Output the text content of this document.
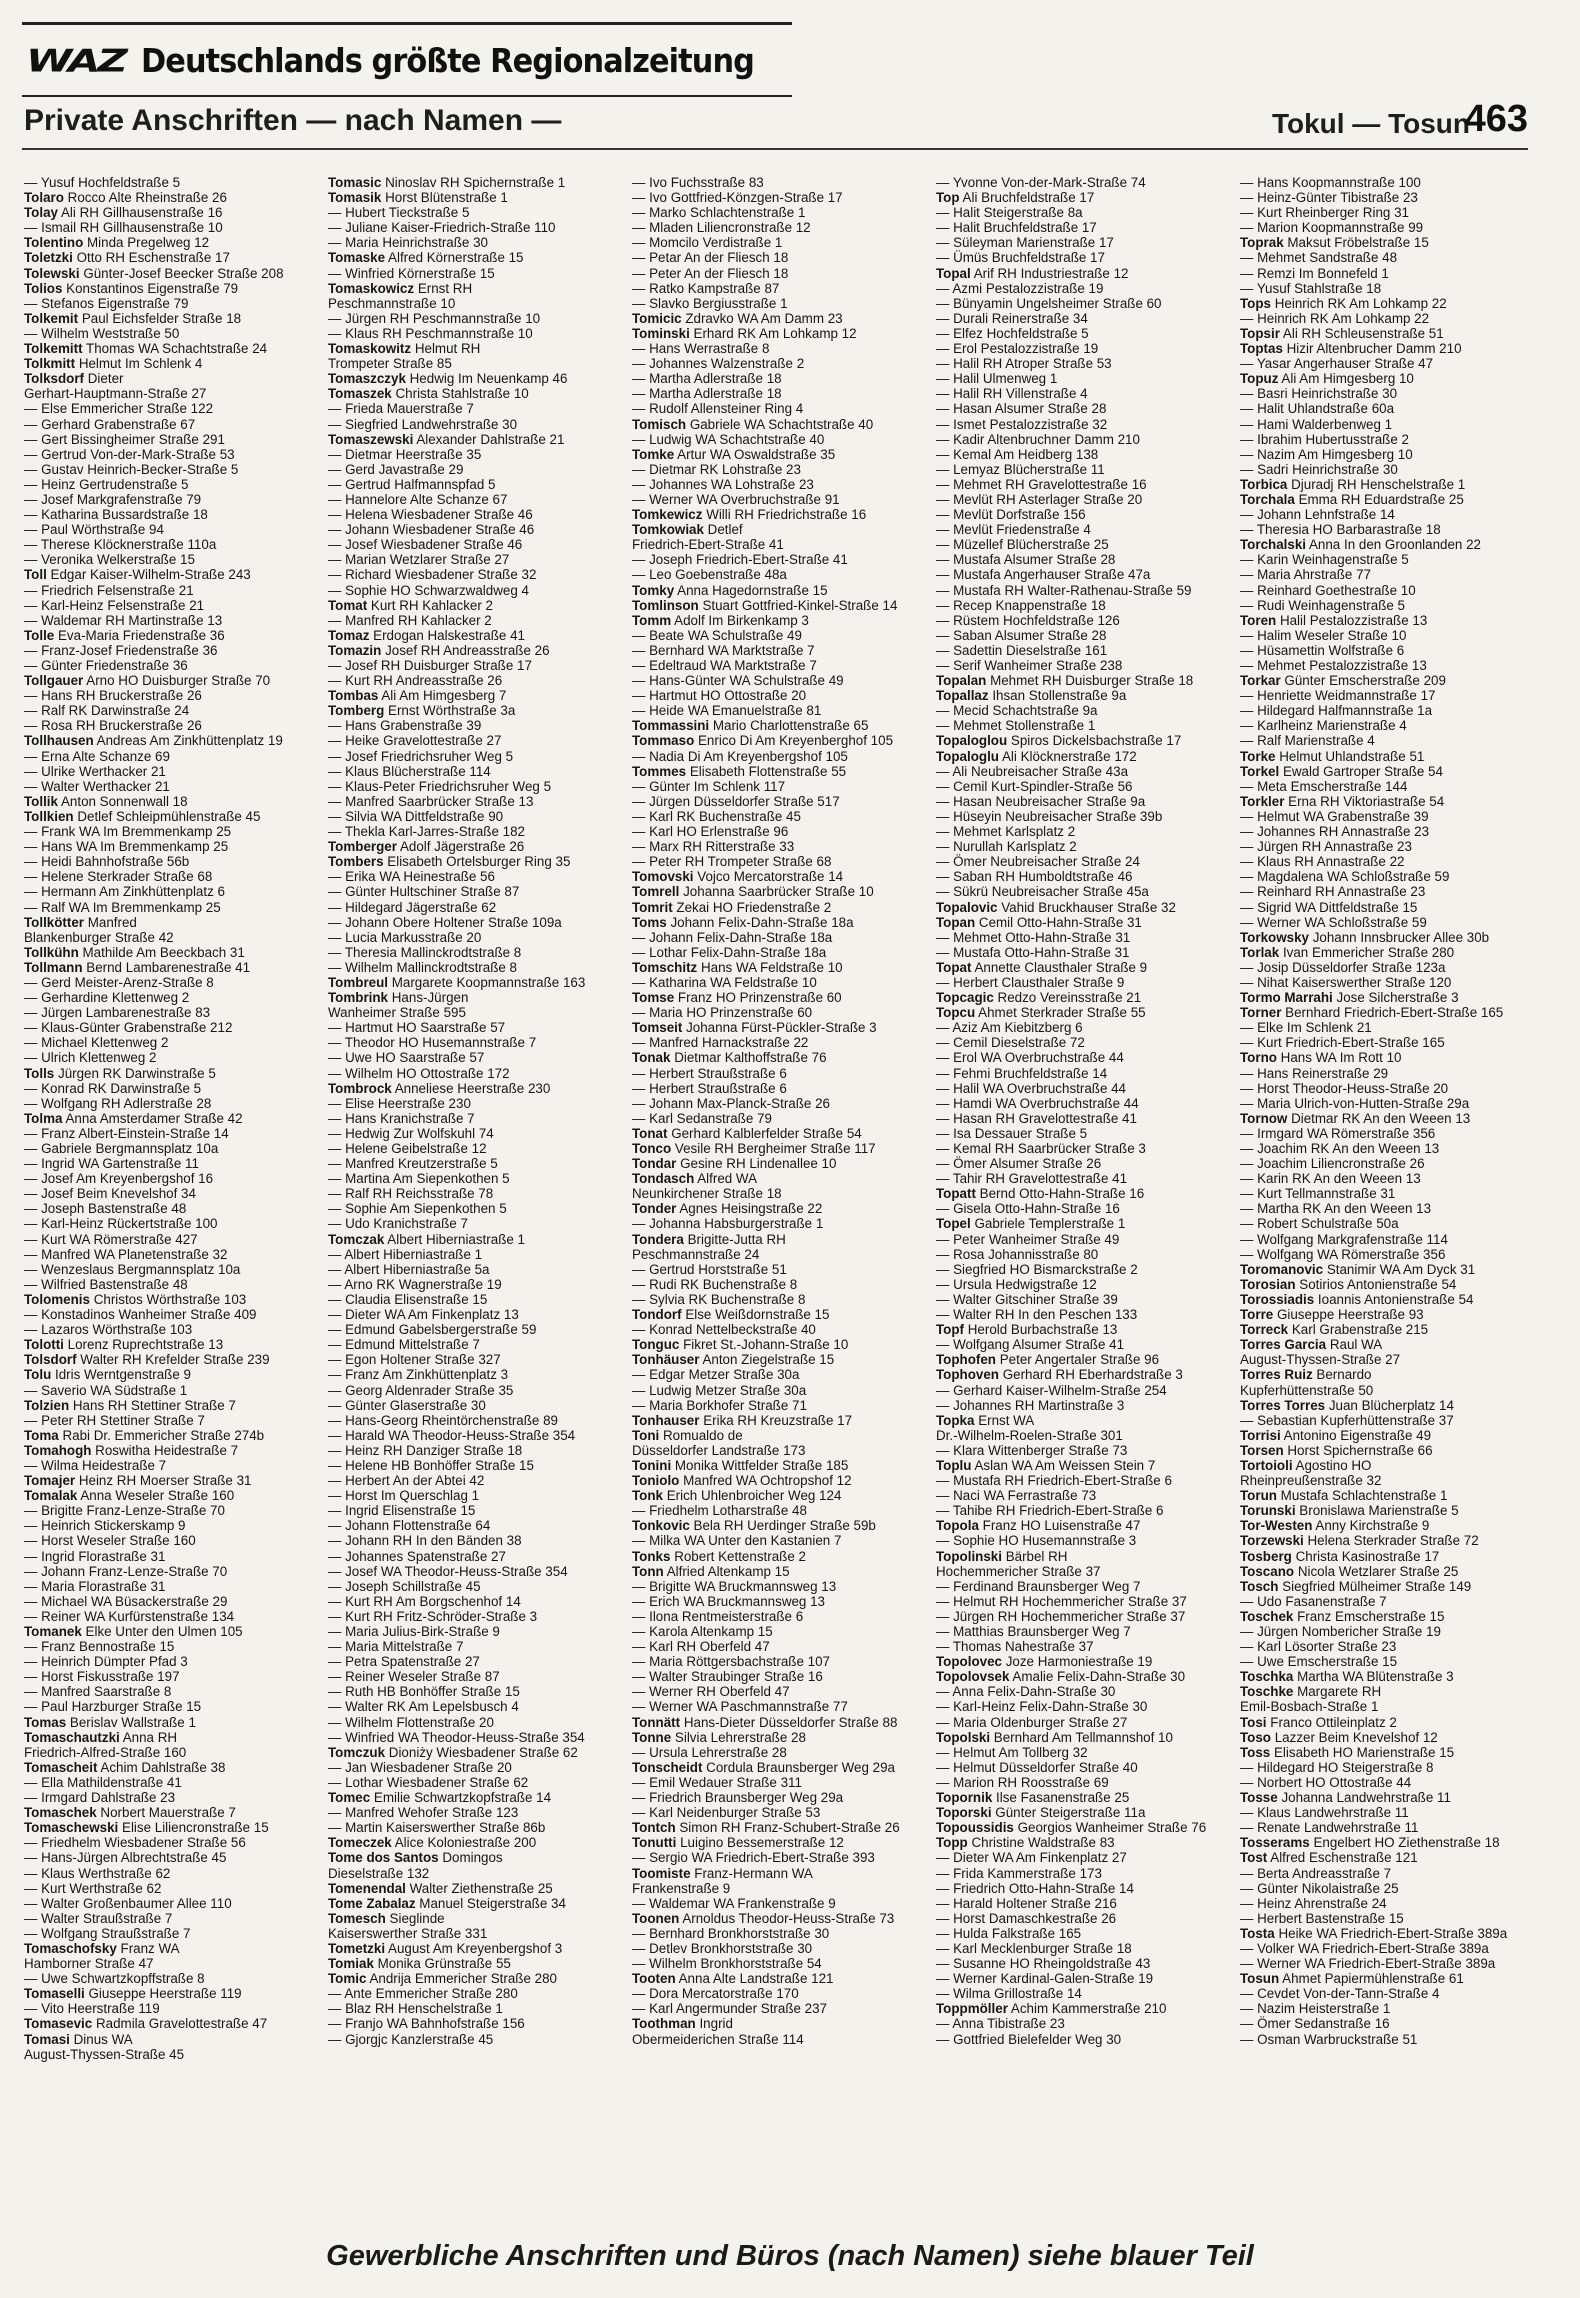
WAZ Deutschlands größte Regionalzeitung
Private Anschriften — nach Namen —	Tokul — Tosun
463
— Yusuf Hochfeldstraße 5
Tolaro Rocco Alte Rheinstraße 26
Tolay Ali RH Gillhausenstraße 16
— Ismail RH Gillhausenstraße 10
Tolentino Minda Pregelweg 12
Toletzki Otto RH Eschenstraße 17
Tolewski Günter-Josef Beecker Straße 208
Tolios Konstantinos Eigenstraße 79
— Stefanos Eigenstraße 79
Tolkemit Paul Eichsfelder Straße 18
— Wilhelm Weststraße 50
Tolkemitt Thomas WA Schachtstraße 24
Tolkmitt Helmut Im Schlenk 4
Tolksdorf Dieter
Gerhart-Hauptmann-Straße 27
— Else Emmericher Straße 122
— Gerhard Grabenstraße 67
— Gert Bissingheimer Straße 291
— Gertrud Von-der-Mark-Straße 53
— Gustav Heinrich-Becker-Straße 5
— Heinz Gertrudenstraße 5
— Josef Markgrafenstraße 79
— Katharina Bussardstraße 18
— Paul Wörthstraße 94
— Therese Klöcknerstraße 110a
— Veronika Welkerstraße 15
Toll Edgar Kaiser-Wilhelm-Straße 243
— Friedrich Felsenstraße 21
— Karl-Heinz Felsenstraße 21
— Waldemar RH Martinstraße 13
Tolle Eva-Maria Friedenstraße 36
— Franz-Josef Friedenstraße 36
— Günter Friedenstraße 36
Tollgauer Arno HO Duisburger Straße 70
— Hans RH Bruckerstraße 26
— Ralf RK Darwinstraße 24
— Rosa RH Bruckerstraße 26
Tollhausen Andreas Am Zinkhüttenplatz 19
— Erna Alte Schanze 69
— Ulrike Werthacker 21
— Walter Werthacker 21
Tollik Anton Sonnenwall 18
Tollkien Detlef Schleipmühlenstraße 45
— Frank WA Im Bremmenkamp 25
— Hans WA Im Bremmenkamp 25
— Heidi Bahnhofstraße 56b
— Helene Sterkrader Straße 68
— Hermann Am Zinkhüttenplatz 6
— Ralf WA Im Bremmenkamp 25
Tollkötter Manfred
Blankenburger Straße 42
Tollkühn Mathilde Am Beeckbach 31
Tollmann Bernd Lambarenestraße 41
— Gerd Meister-Arenz-Straße 8
— Gerhardine Klettenweg 2
— Jürgen Lambarenestraße 83
— Klaus-Günter Grabenstraße 212
— Michael Klettenweg 2
— Ulrich Klettenweg 2
Tolls Jürgen RK Darwinstraße 5
— Konrad RK Darwinstraße 5
— Wolfgang RH Adlerstraße 28
Tolma Anna Amsterdamer Straße 42
— Franz Albert-Einstein-Straße 14
— Gabriele Bergmannsplatz 10a
— Ingrid WA Gartenstraße 11
— Josef Am Kreyenbergshof 16
— Josef Beim Knevelshof 34
— Joseph Bastenstraße 48
— Karl-Heinz Rückertstraße 100
— Kurt WA Römerstraße 427
— Manfred WA Planetenstraße 32
— Wenzeslaus Bergmannsplatz 10a
— Wilfried Bastenstraße 48
Tolomenis Christos Wörthstraße 103
— Konstadinos Wanheimer Straße 409
— Lazaros Wörthstraße 103
Tolotti Lorenz Ruprechtstraße 13
Tolsdorf Walter RH Krefelder Straße 239
Tolu Idris Werntgenstraße 9
— Saverio WA Südstraße 1
Tolzien Hans RH Stettiner Straße 7
— Peter RH Stettiner Straße 7
Toma Rabi Dr. Emmericher Straße 274b
Tomahogh Roswitha Heidestraße 7
— Wilma Heidestraße 7
Tomajer Heinz RH Moerser Straße 31
Tomalak Anna Weseler Straße 160
— Brigitte Franz-Lenze-Straße 70
— Heinrich Stickerskamp 9
— Horst Weseler Straße 160
— Ingrid Florastraße 31
— Johann Franz-Lenze-Straße 70
— Maria Florastraße 31
— Michael WA Büsackerstraße 29
— Reiner WA Kurfürstenstraße 134
Tomanek Elke Unter den Ulmen 105
— Franz Bennostraße 15
— Heinrich Dümpter Pfad 3
— Horst Fiskusstraße 197
— Manfred Saarstraße 8
— Paul Harzburger Straße 15
Tomas Berislav Wallstraße 1
Tomaschautzki Anna RH
Friedrich-Alfred-Straße 160
Tomascheit Achim Dahlstraße 38
— Ella Mathildenstraße 41
— Irmgard Dahlstraße 23
Tomaschek Norbert Mauerstraße 7
Tomaschewski Elise Liliencronstraße 15
— Friedhelm Wiesbadener Straße 56
— Hans-Jürgen Albrechtstraße 45
— Klaus Werthstraße 62
— Kurt Werthstraße 62
— Walter Großenbaumer Allee 110
— Walter Straußstraße 7
— Wolfgang Straußstraße 7
Tomaschofsky Franz WA
Hamborner Straße 47
— Uwe Schwartzkopffstraße 8
Tomaselli Giuseppe Heerstraße 119
— Vito Heerstraße 119
Tomasevic Radmila Gravelottestraße 47
Tomasi Dinus WA
August-Thyssen-Straße 45
Tomasic Ninoslav RH Spichernstraße 1
Tomasik Horst Blütenstraße 1
— Hubert Tieckstraße 5
— Juliane Kaiser-Friedrich-Straße 110
— Maria Heinrichstraße 30
Tomaske Alfred Körnerstraße 15
— Winfried Körnerstraße 15
Tomaskowicz Ernst RH
Peschmannstraße 10
— Jürgen RH Peschmannstraße 10
— Klaus RH Peschmannstraße 10
Tomaskowitz Helmut RH
Trompeter Straße 85
Tomaszczyk Hedwig Im Neuenkamp 46
Tomaszek Christa Stahlstraße 10
— Frieda Mauerstraße 7
— Siegfried Landwehrstraße 30
Tomaszewski Alexander Dahlstraße 21
— Dietmar Heerstraße 35
— Gerd Javastraße 29
— Gertrud Halfmannspfad 5
— Hannelore Alte Schanze 67
— Helena Wiesbadener Straße 46
— Johann Wiesbadener Straße 46
— Josef Wiesbadener Straße 46
— Marian Wetzlarer Straße 27
— Richard Wiesbadener Straße 32
— Sophie HO Schwarzwaldweg 4
Tomat Kurt RH Kahlacker 2
— Manfred RH Kahlacker 2
Tomaz Erdogan Halskestraße 41
Tomazin Josef RH Andreasstraße 26
— Josef RH Duisburger Straße 17
— Kurt RH Andreasstraße 26
Tombas Ali Am Himgesberg 7
Tomberg Ernst Wörthstraße 3a
— Hans Grabenstraße 39
— Heike Gravelottestraße 27
— Josef Friedrichsruher Weg 5
— Klaus Blücherstraße 114
— Klaus-Peter Friedrichsruher Weg 5
— Manfred Saarbrücker Straße 13
— Silvia WA Dittfeldstraße 90
— Thekla Karl-Jarres-Straße 182
Tomberger Adolf Jägerstraße 26
Tombers Elisabeth Ortelsburger Ring 35
— Erika WA Heinestraße 56
— Günter Hultschiner Straße 87
— Hildegard Jägerstraße 62
— Johann Obere Holtener Straße 109a
— Lucia Markusstraße 20
— Theresia Mallinckrodtstraße 8
— Wilhelm Mallinckrodtstraße 8
Tombreul Margarete Koopmannstraße 163
Tombrink Hans-Jürgen
Wanheimer Straße 595
— Hartmut HO Saarstraße 57
— Theodor HO Husemannstraße 7
— Uwe HO Saarstraße 57
— Wilhelm HO Ottostraße 172
Tombrock Anneliese Heerstraße 230
— Elise Heerstraße 230
— Hans Kranichstraße 7
— Hedwig Zur Wolfskuhl 74
— Helene Geibelstraße 12
— Manfred Kreutzerstraße 5
— Martina Am Siepenkothen 5
— Ralf RH Reichsstraße 78
— Sophie Am Siepenkothen 5
— Udo Kranichstraße 7
Tomczak Albert Hiberniastraße 1
— Albert Hiberniastraße 1
— Albert Hiberniastraße 5a
— Arno RK Wagnerstraße 19
— Claudia Elisenstraße 15
— Dieter WA Am Finkenplatz 13
— Edmund Gabelsbergerstraße 59
— Edmund Mittelstraße 7
— Egon Holtener Straße 327
— Franz Am Zinkhüttenplatz 3
— Georg Aldenrader Straße 35
— Günter Glaserstraße 30
— Hans-Georg Rheintörchenstraße 89
— Harald WA Theodor-Heuss-Straße 354
— Heinz RH Danziger Straße 18
— Helene HB Bonhöffer Straße 15
— Herbert An der Abtei 42
— Horst Im Querschlag 1
— Ingrid Elisenstraße 15
— Johann Flottenstraße 64
— Johann RH In den Bänden 38
— Johannes Spatenstraße 27
— Josef WA Theodor-Heuss-Straße 354
— Joseph Schillstraße 45
— Kurt RH Am Borgschenhof 14
— Kurt RH Fritz-Schröder-Straße 3
— Maria Julius-Birk-Straße 9
— Maria Mittelstraße 7
— Petra Spatenstraße 27
— Reiner Weseler Straße 87
— Ruth HB Bonhöffer Straße 15
— Walter RK Am Lepelsbusch 4
— Wilhelm Flottenstraße 20
— Winfried WA Theodor-Heuss-Straße 354
Tomczuk Dioniży Wiesbadener Straße 62
— Jan Wiesbadener Straße 20
— Lothar Wiesbadener Straße 62
Tomec Emilie Schwartzkopfstraße 14
— Manfred Wehofer Straße 123
— Martin Kaiserswerther Straße 86b
Tomeczek Alice Koloniestraße 200
Tome dos Santos Domingos
Dieselstraße 132
Tomenendal Walter Ziethenstraße 25
Tome Zabalaz Manuel Steigerstraße 34
Tomesch Sieglinde
Kaiserswerther Straße 331
Tometzki August Am Kreyenbergshof 3
Tomiak Monika Grünstraße 55
Tomic Andrija Emmericher Straße 280
— Ante Emmericher Straße 280
— Blaz RH Henschelstraße 1
— Franjo WA Bahnhofstraße 156
— Gjorgjc Kanzlerstraße 45
— Ivo Fuchsstraße 83
— Ivo Gottfried-Könzgen-Straße 17
— Marko Schlachtenstraße 1
— Mladen Liliencronstraße 12
— Momcilo Verdistraße 1
— Petar An der Fliesch 18
— Peter An der Fliesch 18
— Ratko Kampstraße 87
— Slavko Bergiusstraße 1
Tomicic Zdravko WA Am Damm 23
Tominski Erhard RK Am Lohkamp 12
— Hans Werrastraße 8
— Johannes Walzenstraße 2
— Martha Adlerstraße 18
— Martha Adlerstraße 18
— Rudolf Allensteiner Ring 4
Tomisch Gabriele WA Schachtstraße 40
— Ludwig WA Schachtstraße 40
Tomke Artur WA Oswaldstraße 35
— Dietmar RK Lohstraße 23
— Johannes WA Lohstraße 23
— Werner WA Overbruchstraße 91
Tomkewicz Willi RH Friedrichstraße 16
Tomkowiak Detlef
Friedrich-Ebert-Straße 41
— Joseph Friedrich-Ebert-Straße 41
— Leo Goebenstraße 48a
Tomky Anna Hagedornstraße 15
Tomlinson Stuart Gottfried-Kinkel-Straße 14
Tomm Adolf Im Birkenkamp 3
— Beate WA Schulstraße 49
— Bernhard WA Marktstraße 7
— Edeltraud WA Marktstraße 7
— Hans-Günter WA Schulstraße 49
— Hartmut HO Ottostraße 20
— Heide WA Emanuelstraße 81
Tommassini Mario Charlottenstraße 65
Tommaso Enrico Di Am Kreyenberghof 105
— Nadia Di Am Kreyenbergshof 105
Tommes Elisabeth Flottenstraße 55
— Günter Im Schlenk 117
— Jürgen Düsseldorfer Straße 517
— Karl RK Buchenstraße 45
— Karl HO Erlenstraße 96
— Marx RH Ritterstraße 33
— Peter RH Trompeter Straße 68
Tomovski Vojco Mercatorstraße 14
Tomrell Johanna Saarbrücker Straße 10
Tomrit Zekai HO Friedenstraße 2
Toms Johann Felix-Dahn-Straße 18a
— Johann Felix-Dahn-Straße 18a
— Lothar Felix-Dahn-Straße 18a
Tomschitz Hans WA Feldstraße 10
— Katharina WA Feldstraße 10
Tomse Franz HO Prinzenstraße 60
— Maria HO Prinzenstraße 60
Tomseit Johanna Fürst-Pückler-Straße 3
— Manfred Harnackstraße 22
Tonak Dietmar Kalthoffstraße 76
— Herbert Straußstraße 6
— Herbert Straußstraße 6
— Johann Max-Planck-Straße 26
— Karl Sedanstraße 79
Tonat Gerhard Kalblerfelder Straße 54
Tonco Vesile RH Bergheimer Straße 117
Tondar Gesine RH Lindenallee 10
Tondasch Alfred WA
Neunkirchener Straße 18
Tonder Agnes Heisingstraße 22
— Johanna Habsburgerstraße 1
Tondera Brigitte-Jutta RH
Peschmannstraße 24
— Gertrud Horststraße 51
— Rudi RK Buchenstraße 8
— Sylvia RK Buchenstraße 8
Tondorf Else Weißdornstraße 15
— Konrad Nettelbeckstraße 40
Tonguc Fikret St.-Johann-Straße 10
Tonhäuser Anton Ziegelstraße 15
— Edgar Metzer Straße 30a
— Ludwig Metzer Straße 30a
— Maria Borkhofer Straße 71
Tonhauser Erika RH Kreuzstraße 17
Toni Romualdo de
Düsseldorfer Landstraße 173
Tonini Monika Wittfelder Straße 185
Toniolo Manfred WA Ochtropshof 12
Tonk Erich Uhlenbroicher Weg 124
— Friedhelm Lotharstraße 48
Tonkovic Bela RH Uerdinger Straße 59b
— Milka WA Unter den Kastanien 7
Tonks Robert Kettenstraße 2
Tonn Alfried Altenkamp 15
— Brigitte WA Bruckmannsweg 13
— Erich WA Bruckmannsweg 13
— Ilona Rentmeisterstraße 6
— Karola Altenkamp 15
— Karl RH Oberfeld 47
— Maria Röttgersbachstraße 107
— Walter Straubinger Straße 16
— Werner RH Oberfeld 47
— Werner WA Paschmannstraße 77
Tonnätt Hans-Dieter Düsseldorfer Straße 88
Tonne Silvia Lehrerstraße 28
— Ursula Lehrerstraße 28
Tonscheidt Cordula Braunsberger Weg 29a
— Emil Wedauer Straße 311
— Friedrich Braunsberger Weg 29a
— Karl Neidenburger Straße 53
Tontch Simon RH Franz-Schubert-Straße 26
Tonutti Luigino Bessemerstraße 12
— Sergio WA Friedrich-Ebert-Straße 393
Toomiste Franz-Hermann WA
Frankenstraße 9
— Waldemar WA Frankenstraße 9
Toonen Arnoldus Theodor-Heuss-Straße 73
— Bernhard Bronkhorststraße 30
— Detlev Bronkhorststraße 30
— Wilhelm Bronkhorststraße 54
Tooten Anna Alte Landstraße 121
— Dora Mercatorstraße 170
— Karl Angermunder Straße 237
Toothman Ingrid
Obermeiderichen Straße 114
— Yvonne Von-der-Mark-Straße 74
Top Ali Bruchfeldstraße 17
— Halit Steigerstraße 8a
— Halit Bruchfeldstraße 17
— Süleyman Marienstraße 17
— Ümüs Bruchfeldstraße 17
Topal Arif RH Industriestraße 12
— Azmi Pestalozzistraße 19
— Bünyamin Ungelsheimer Straße 60
— Durali Reinerstraße 34
— Elfez Hochfeldstraße 5
— Erol Pestalozzistraße 19
— Halil RH Atroper Straße 53
— Halil Ulmenweg 1
— Halil RH Villenstraße 4
— Hasan Alsumer Straße 28
— Ismet Pestalozzistraße 32
— Kadir Altenbruchner Damm 210
— Kemal Am Heidberg 138
— Lemyaz Blücherstraße 11
— Mehmet RH Gravelottestraße 16
— Mevlüt RH Asterlager Straße 20
— Mevlüt Dorfstraße 156
— Mevlüt Friedenstraße 4
— Müzellef Blücherstraße 25
— Mustafa Alsumer Straße 28
— Mustafa Angerhauser Straße 47a
— Mustafa RH Walter-Rathenau-Straße 59
— Recep Knappenstraße 18
— Rüstem Hochfeldstraße 126
— Saban Alsumer Straße 28
— Sadettin Dieselstraße 161
— Serif Wanheimer Straße 238
Topalan Mehmet RH Duisburger Straße 18
Topallaz Ihsan Stollenstraße 9a
— Mecid Schachtstraße 9a
— Mehmet Stollenstraße 1
Topaloglou Spiros Dickelsbachstraße 17
Topaloglu Ali Klöcknerstraße 172
— Ali Neubreisacher Straße 43a
— Cemil Kurt-Spindler-Straße 56
— Hasan Neubreisacher Straße 9a
— Hüseyin Neubreisacher Straße 39b
— Mehmet Karlsplatz 2
— Nurullah Karlsplatz 2
— Ömer Neubreisacher Straße 24
— Saban RH Humboldtstraße 46
— Sükrü Neubreisacher Straße 45a
Topalovic Vahid Bruckhauser Straße 32
Topan Cemil Otto-Hahn-Straße 31
— Mehmet Otto-Hahn-Straße 31
— Mustafa Otto-Hahn-Straße 31
Topat Annette Clausthaler Straße 9
— Herbert Clausthaler Straße 9
Topcagic Redzo Vereinsstraße 21
Topcu Ahmet Sterkrader Straße 55
— Aziz Am Kiebitzberg 6
— Cemil Dieselstraße 72
— Erol WA Overbruchstraße 44
— Fehmi Bruchfeldstraße 14
— Halil WA Overbruchstraße 44
— Hamdi WA Overbruchstraße 44
— Hasan RH Gravelottestraße 41
— Isa Dessauer Straße 5
— Kemal RH Saarbrücker Straße 3
— Ömer Alsumer Straße 26
— Tahir RH Gravelottestraße 41
Topatt Bernd Otto-Hahn-Straße 16
— Gisela Otto-Hahn-Straße 16
Topel Gabriele Templerstraße 1
— Peter Wanheimer Straße 49
— Rosa Johannisstraße 80
— Siegfried HO Bismarckstraße 2
— Ursula Hedwigstraße 12
— Walter Gitschiner Straße 39
— Walter RH In den Peschen 133
Topf Herold Burbachstraße 13
— Wolfgang Alsumer Straße 41
Tophofen Peter Angertaler Straße 96
Tophoven Gerhard RH Eberhardstraße 3
— Gerhard Kaiser-Wilhelm-Straße 254
— Johannes RH Martinstraße 3
Topka Ernst WA
Dr.-Wilhelm-Roelen-Straße 301
— Klara Wittenberger Straße 73
Toplu Aslan WA Am Weissen Stein 7
— Mustafa RH Friedrich-Ebert-Straße 6
— Naci WA Ferrastraße 73
— Tahibe RH Friedrich-Ebert-Straße 6
Topola Franz HO Luisenstraße 47
— Sophie HO Husemannstraße 3
Topolinski Bärbel RH
Hochemmericher Straße 37
— Ferdinand Braunsberger Weg 7
— Helmut RH Hochemmericher Straße 37
— Jürgen RH Hochemmericher Straße 37
— Matthias Braunsberger Weg 7
— Thomas Nahestraße 37
Topolovec Joze Harmoniestraße 19
Topolovsek Amalie Felix-Dahn-Straße 30
— Anna Felix-Dahn-Straße 30
— Karl-Heinz Felix-Dahn-Straße 30
— Maria Oldenburger Straße 27
Topolski Bernhard Am Tellmannshof 10
— Helmut Am Tollberg 32
— Helmut Düsseldorfer Straße 40
— Marion RH Roosstraße 69
Topornik Ilse Fasanenstraße 25
Toporski Günter Steigerstraße 11a
Topoussidis Georgios Wanheimer Straße 76
Topp Christine Waldstraße 83
— Dieter WA Am Finkenplatz 27
— Frida Kammerstraße 173
— Friedrich Otto-Hahn-Straße 14
— Harald Holtener Straße 216
— Horst Damaschkestraße 26
— Hulda Falkstraße 165
— Karl Mecklenburger Straße 18
— Susanne HO Rheingoldstraße 43
— Werner Kardinal-Galen-Straße 19
— Wilma Grillostraße 14
Toppmöller Achim Kammerstraße 210
— Anna Tibistraße 23
— Gottfried Bielefelder Weg 30
— Hans Koopmannstraße 100
— Heinz-Günter Tibistraße 23
— Kurt Rheinberger Ring 31
— Marion Koopmannstraße 99
Toprak Maksut Fröbelstraße 15
— Mehmet Sandstraße 48
— Remzi Im Bonnefeld 1
— Yusuf Stahlstraße 18
Tops Heinrich RK Am Lohkamp 22
— Heinrich RK Am Lohkamp 22
Topsir Ali RH Schleusenstraße 51
Toptas Hizir Altenbrucher Damm 210
— Yasar Angerhauser Straße 47
Topuz Ali Am Himgesberg 10
— Basri Heinrichstraße 30
— Halit Uhlandstraße 60a
— Hami Walderbenweg 1
— Ibrahim Hubertusstraße 2
— Nazim Am Himgesberg 10
— Sadri Heinrichstraße 30
Torbica Djuradj RH Henschelstraße 1
Torchala Emma RH Eduardstraße 25
— Johann Lehnfstraße 14
— Theresia HO Barbarastraße 18
Torchalski Anna In den Groonlanden 22
— Karin Weinhagenstraße 5
— Maria Ahrstraße 77
— Reinhard Goethestraße 10
— Rudi Weinhagenstraße 5
Toren Halil Pestalozzistraße 13
— Halim Weseler Straße 10
— Hüsamettin Wolfstraße 6
— Mehmet Pestalozzistraße 13
Torkar Günter Emscherstraße 209
— Henriette Weidmannstraße 17
— Hildegard Halfmannstraße 1a
— Karlheinz Marienstraße 4
— Ralf Marienstraße 4
Torke Helmut Uhlandstraße 51
Torkel Ewald Gartroper Straße 54
— Meta Emscherstraße 144
Torkler Erna RH Viktoriastraße 54
— Helmut WA Grabenstraße 39
— Johannes RH Annastraße 23
— Jürgen RH Annastraße 23
— Klaus RH Annastraße 22
— Magdalena WA Schloßstraße 59
— Reinhard RH Annastraße 23
— Sigrid WA Dittfeldstraße 15
— Werner WA Schloßstraße 59
Torkowsky Johann Innsbrucker Allee 30b
Torlak Ivan Emmericher Straße 280
— Josip Düsseldorfer Straße 123a
— Nihat Kaiserswerther Straße 120
Tormo Marrahi Jose Silcherstraße 3
Torner Bernhard Friedrich-Ebert-Straße 165
— Elke Im Schlenk 21
— Kurt Friedrich-Ebert-Straße 165
Torno Hans WA Im Rott 10
— Hans Reinerstraße 29
— Horst Theodor-Heuss-Straße 20
— Maria Ulrich-von-Hutten-Straße 29a
Tornow Dietmar RK An den Weeen 13
— Irmgard WA Römerstraße 356
— Joachim RK An den Weeen 13
— Joachim Liliencronstraße 26
— Karin RK An den Weeen 13
— Kurt Tellmannstraße 31
— Martha RK An den Weeen 13
— Robert Schulstraße 50a
— Wolfgang Markgrafenstraße 114
— Wolfgang WA Römerstraße 356
Toromanovic Stanimir WA Am Dyck 31
Torosian Sotirios Antonienstraße 54
Torossiadis Ioannis Antonienstraße 54
Torre Giuseppe Heerstraße 93
Torreck Karl Grabenstraße 215
Torres Garcia Raul WA
August-Thyssen-Straße 27
Torres Ruiz Bernardo
Kupferhüttenstraße 50
Torres Torres Juan Blücherplatz 14
— Sebastian Kupferhüttenstraße 37
Torrisi Antonino Eigenstraße 49
Torsen Horst Spichernstraße 66
Tortoioli Agostino HO
Rheinpreußenstraße 32
Torun Mustafa Schlachtenstraße 1
Torunski Bronislawa Marienstraße 5
Tor-Westen Anny Kirchstraße 9
Torzewski Helena Sterkrader Straße 72
Tosberg Christa Kasinostraße 17
Toscano Nicola Wetzlarer Straße 25
Tosch Siegfried Mülheimer Straße 149
— Udo Fasanenstraße 7
Toschek Franz Emscherstraße 15
— Jürgen Nombericher Straße 19
— Karl Lösorter Straße 23
— Uwe Emscherstraße 15
Toschka Martha WA Blütenstraße 3
Toschke Margarete RH
Emil-Bosbach-Straße 1
Tosi Franco Ottileinplatz 2
Toso Lazzer Beim Knevelshof 12
Toss Elisabeth HO Marienstraße 15
— Hildegard HO Steigerstraße 8
— Norbert HO Ottostraße 44
Tosse Johanna Landwehrstraße 11
— Klaus Landwehrstraße 11
— Renate Landwehrstraße 11
Tosserams Engelbert HO Ziethenstraße 18
Tost Alfred Eschenstraße 121
— Berta Andreasstraße 7
— Günter Nikolaistraße 25
— Heinz Ahrenstraße 24
— Herbert Bastenstraße 15
Tosta Heike WA Friedrich-Ebert-Straße 389a
— Volker WA Friedrich-Ebert-Straße 389a
— Werner WA Friedrich-Ebert-Straße 389a
Tosun Ahmet Papiermühlenstraße 61
— Cevdet Von-der-Tann-Straße 4
— Nazim Heisterstraße 1
— Ömer Sedanstraße 16
— Osman Warbruckstraße 51
Gewerbliche Anschriften und Büros (nach Namen) siehe blauer Teil
